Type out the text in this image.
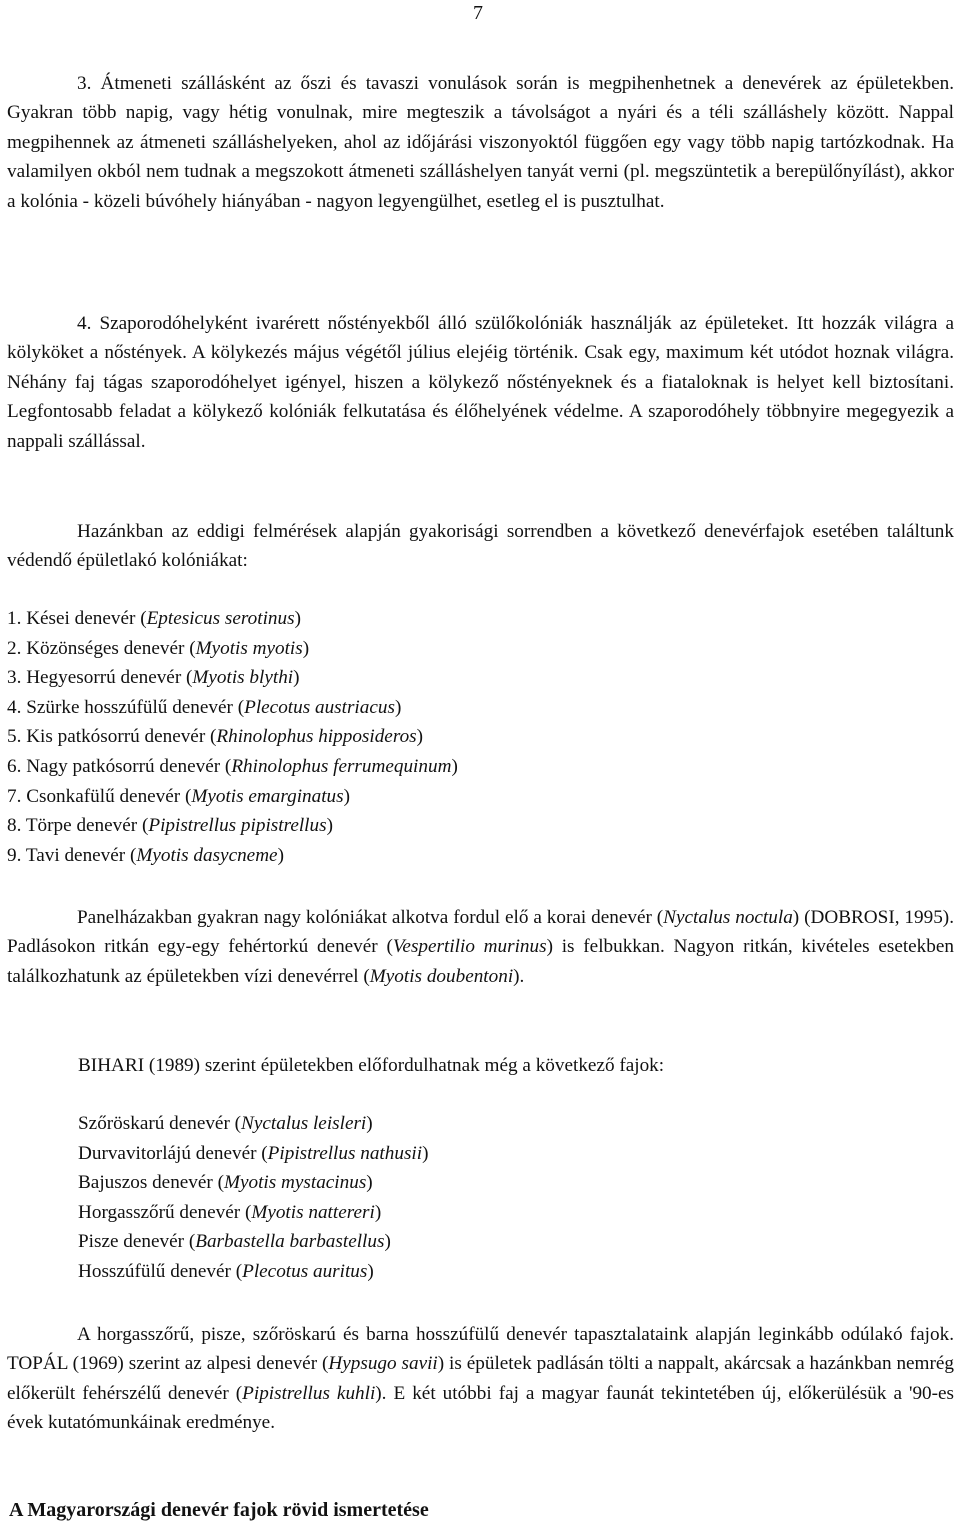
7
3. Átmeneti szállásként az őszi és tavaszi vonulások során is megpihenhetnek a denevérek az épületekben. Gyakran több napig, vagy hétig vonulnak, mire megteszik a távolságot a nyári és a téli szálláshely között. Nappal megpihennek az átmeneti szálláshelyeken, ahol az időjárási viszonyoktól függően egy vagy több napig tartózkodnak. Ha valamilyen okból nem tudnak a megszokott átmeneti szálláshelyen tanyát verni (pl. megszüntetik a berepülőnyílást), akkor a kolónia - közeli búvóhely hiányában - nagyon legyengülhet, esetleg el is pusztulhat.
4. Szaporodóhelyként ivarérett nőstényekből álló szülőkolóniák használják az épületeket. Itt hozzák világra a kölyköket a nőstények. A kölykezés május végétől július elejéig történik. Csak egy, maximum két utódot hoznak világra. Néhány faj tágas szaporodóhelyet igényel, hiszen a kölykező nőstényeknek és a fiataloknak is helyet kell biztosítani. Legfontosabb feladat a kölykező kolóniák felkutatása és élőhelyének védelme. A szaporodóhely többnyire megegyezik a nappali szállással.
Hazánkban az eddigi felmérések alapján gyakorisági sorrendben a következő denevérfajok esetében találtunk védendő épületlakó kolóniákat:
1. Kései denevér (Eptesicus serotinus)
2. Közönséges denevér (Myotis myotis)
3. Hegyesorrú denevér (Myotis blythi)
4. Szürke hosszúfülű denevér (Plecotus austriacus)
5. Kis patkósorrú denevér (Rhinolophus hipposideros)
6. Nagy patkósorrú denevér (Rhinolophus ferrumequinum)
7. Csonkafülű denevér (Myotis emarginatus)
8. Törpe denevér (Pipistrellus pipistrellus)
9. Tavi denevér (Myotis dasycneme)
Panelházakban gyakran nagy kolóniákat alkotva fordul elő a korai denevér (Nyctalus noctula) (DOBROSI, 1995). Padlásokon ritkán egy-egy fehértorkú denevér (Vespertilio murinus) is felbukkan. Nagyon ritkán, kivételes esetekben találkozhatunk az épületekben vízi denevérrel (Myotis doubentoni).
BIHARI (1989) szerint épületekben előfordulhatnak még a következő fajok:
Szőröskarú denevér (Nyctalus leisleri)
Durvavitorlájú denevér (Pipistrellus nathusii)
Bajuszos denevér (Myotis mystacinus)
Horgasszőrű denevér (Myotis nattereri)
Pisze denevér (Barbastella barbastellus)
Hosszúfülű denevér (Plecotus auritus)
A horgasszőrű, pisze, szőröskarú és barna hosszúfülű denevér tapasztalataink alapján leginkább odúlakó fajok. TOPÁL (1969) szerint az alpesi denevér (Hypsugo savii) is épületek padlásán tölti a nappalt, akárcsak a hazánkban nemrég előkerült fehérszélű denevér (Pipistrellus kuhli). E két utóbbi faj a magyar faunát tekintetében új, előkerülésük a '90-es évek kutatómunkáinak eredménye.
A Magyarországi denevér fajok rövid ismertetése
